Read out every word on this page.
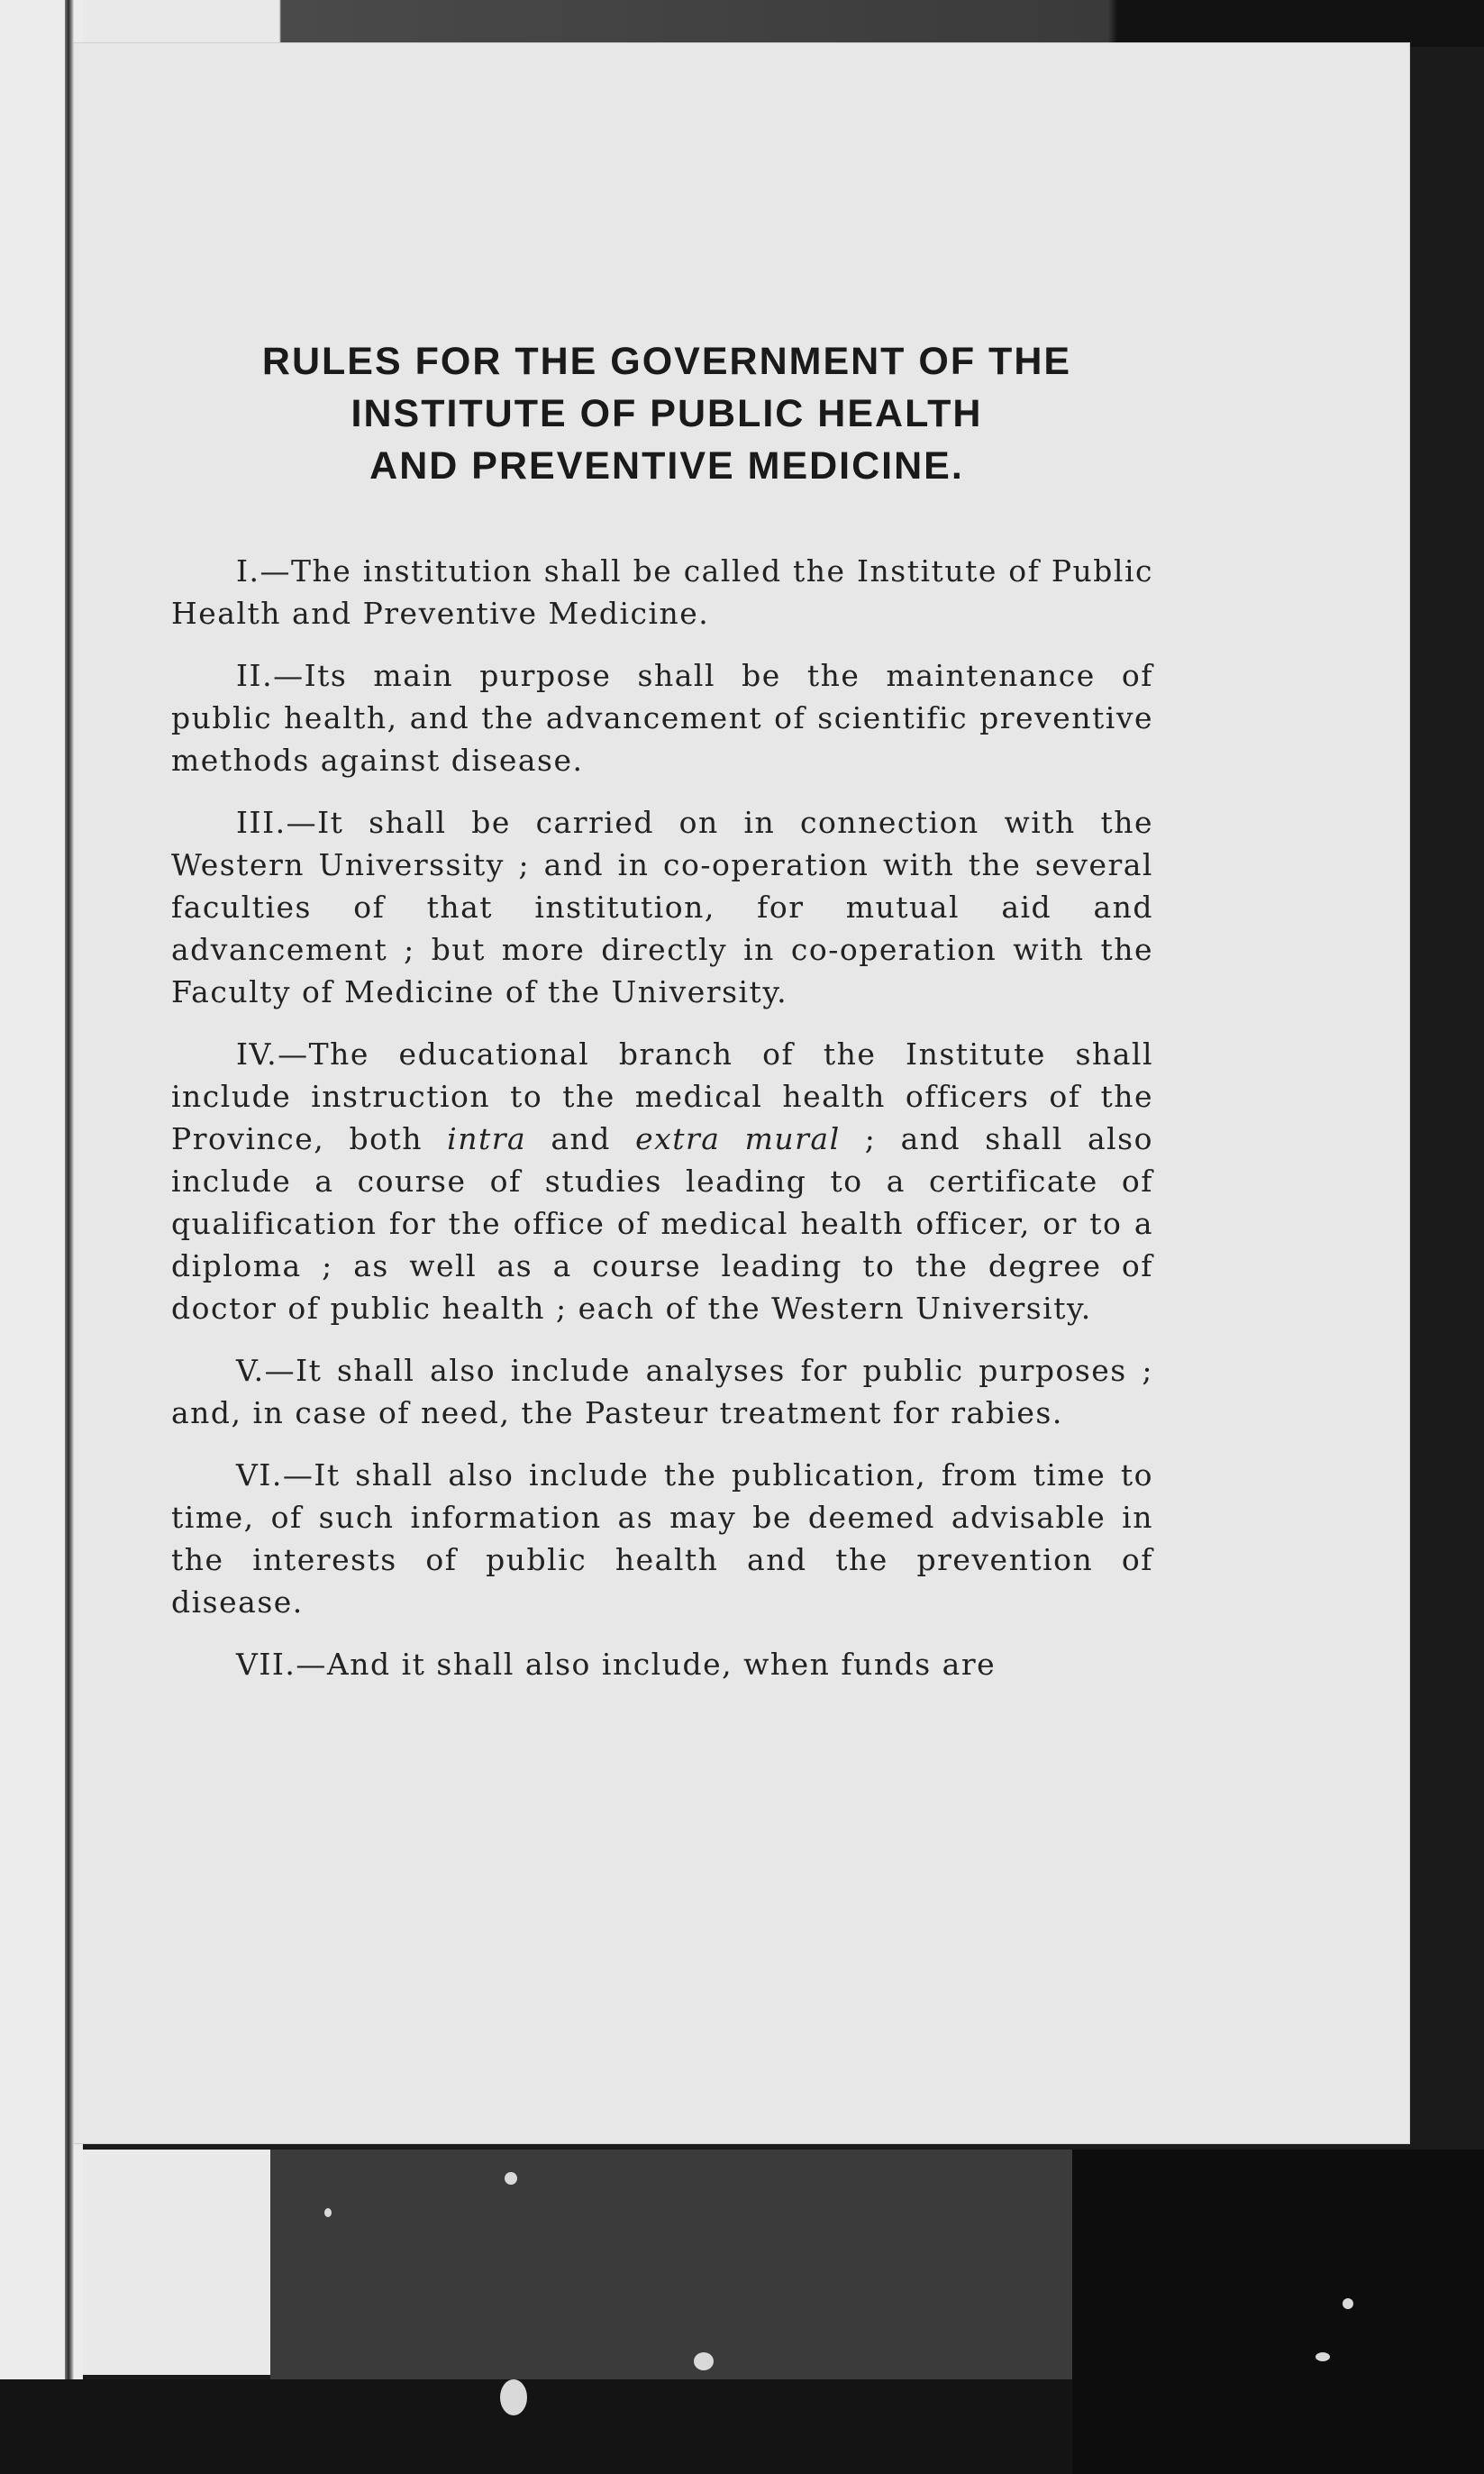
RULES FOR THE GOVERNMENT OF THE
INSTITUTE OF PUBLIC HEALTH
AND PREVENTIVE MEDICINE.

I.—The institution shall be called the Institute of Public Health and Preventive Medicine.

II.—Its main purpose shall be the maintenance of public health, and the advancement of scientific preventive methods against disease.

III.—It shall be carried on in connection with the Western Universsity ; and in co-operation with the several faculties of that institution, for mutual aid and advancement ; but more directly in co-operation with the Faculty of Medicine of the University.

IV.—The educational branch of the Institute shall include instruction to the medical health officers of the Province, both intra and extra mural ; and shall also include a course of studies leading to a certificate of qualification for the office of medical health officer, or to a diploma ; as well as a course leading to the degree of doctor of public health ; each of the Western University.

V.—It shall also include analyses for public purposes ; and, in case of need, the Pasteur treatment for rabies.

VI.—It shall also include the publication, from time to time, of such information as may be deemed advisable in the interests of public health and the prevention of disease.

VII.—And it shall also include, when funds are
